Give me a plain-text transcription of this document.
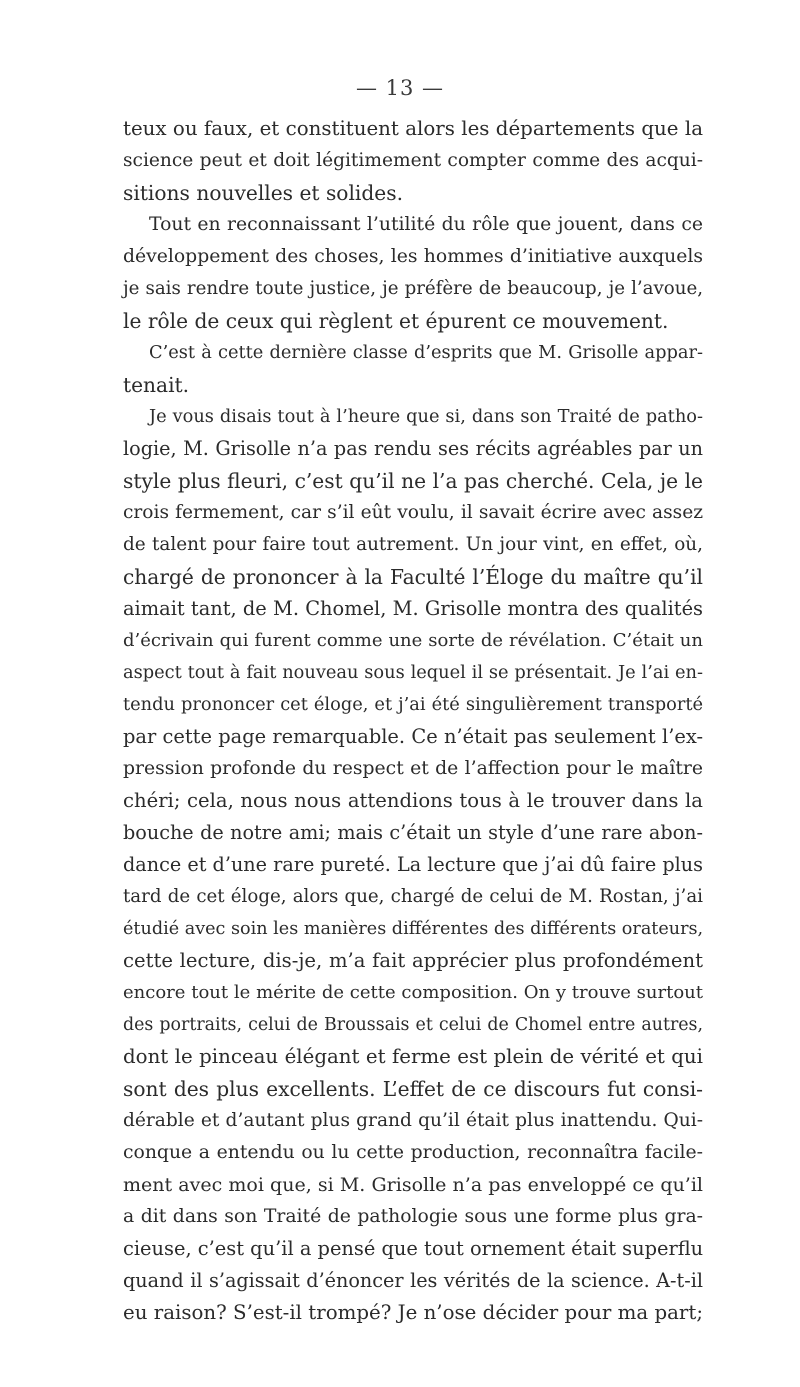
— 13 —
teux ou faux, et constituent alors les départements que la
science peut et doit légitimement compter comme des acqui-
sitions nouvelles et solides.
Tout en reconnaissant l’utilité du rôle que jouent, dans ce
développement des choses, les hommes d’initiative auxquels
je sais rendre toute justice, je préfère de beaucoup, je l’avoue,
le rôle de ceux qui règlent et épurent ce mouvement.
C’est à cette dernière classe d’esprits que M. Grisolle appar-
tenait.
Je vous disais tout à l’heure que si, dans son Traité de patho-
logie, M. Grisolle n’a pas rendu ses récits agréables par un
style plus fleuri, c’est qu’il ne l’a pas cherché. Cela, je le
crois fermement, car s’il eût voulu, il savait écrire avec assez
de talent pour faire tout autrement. Un jour vint, en effet, où,
chargé de prononcer à la Faculté l’Éloge du maître qu’il
aimait tant, de M. Chomel, M. Grisolle montra des qualités
d’écrivain qui furent comme une sorte de révélation. C’était un
aspect tout à fait nouveau sous lequel il se présentait. Je l’ai en-
tendu prononcer cet éloge, et j’ai été singulièrement transporté
par cette page remarquable. Ce n’était pas seulement l’ex-
pression profonde du respect et de l’affection pour le maître
chéri; cela, nous nous attendions tous à le trouver dans la
bouche de notre ami; mais c’était un style d’une rare abon-
dance et d’une rare pureté. La lecture que j’ai dû faire plus
tard de cet éloge, alors que, chargé de celui de M. Rostan, j’ai
étudié avec soin les manières différentes des différents orateurs,
cette lecture, dis-je, m’a fait apprécier plus profondément
encore tout le mérite de cette composition. On y trouve surtout
des portraits, celui de Broussais et celui de Chomel entre autres,
dont le pinceau élégant et ferme est plein de vérité et qui
sont des plus excellents. L’effet de ce discours fut consi-
dérable et d’autant plus grand qu’il était plus inattendu. Qui-
conque a entendu ou lu cette production, reconnaîtra facile-
ment avec moi que, si M. Grisolle n’a pas enveloppé ce qu’il
a dit dans son Traité de pathologie sous une forme plus gra-
cieuse, c’est qu’il a pensé que tout ornement était superflu
quand il s’agissait d’énoncer les vérités de la science. A-t-il
eu raison? S’est-il trompé? Je n’ose décider pour ma part;
